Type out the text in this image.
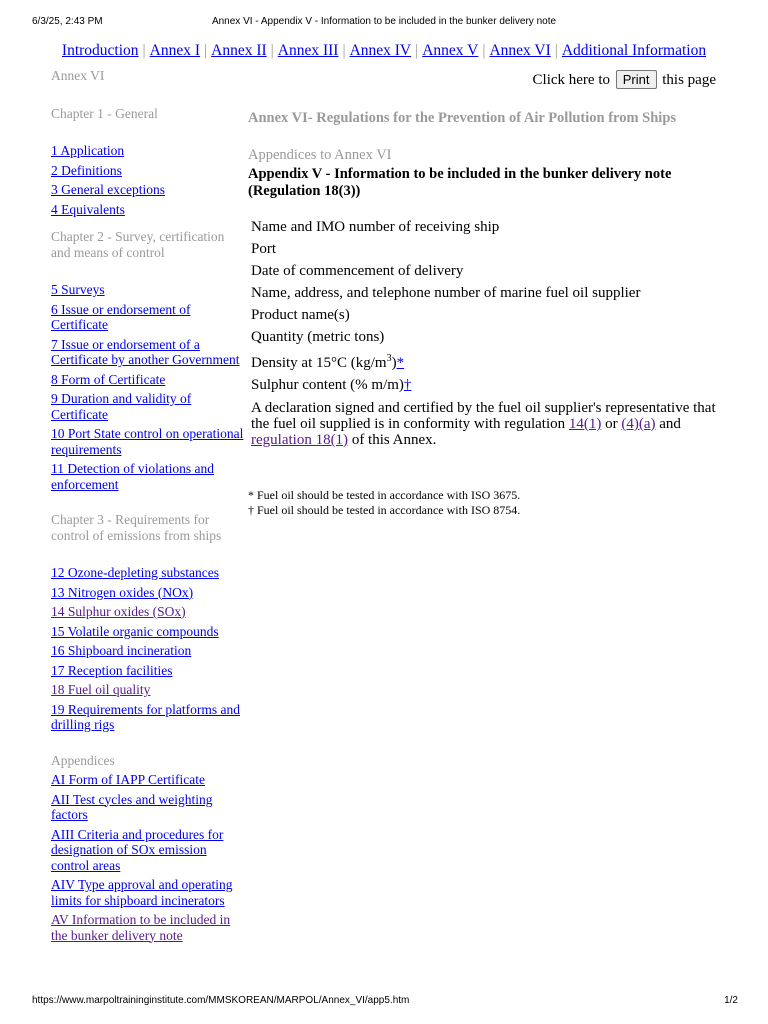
6/3/25, 2:43 PM	Annex VI - Appendix V - Information to be included in the bunker delivery note
Introduction | Annex I | Annex II | Annex III | Annex IV | Annex V | Annex VI | Additional Information
Click here to Print this page
Annex VI
Chapter 1 - General
1 Application
2 Definitions
3 General exceptions
4 Equivalents
Chapter 2 - Survey, certification and means of control
5 Surveys
6 Issue or endorsement of Certificate
7 Issue or endorsement of a Certificate by another Government
8 Form of Certificate
9 Duration and validity of Certificate
10 Port State control on operational requirements
11 Detection of violations and enforcement
Chapter 3 - Requirements for control of emissions from ships
12 Ozone-depleting substances
13 Nitrogen oxides (NOx)
14 Sulphur oxides (SOx)
15 Volatile organic compounds
16 Shipboard incineration
17 Reception facilities
18 Fuel oil quality
19 Requirements for platforms and drilling rigs
Appendices
AI Form of IAPP Certificate
AII Test cycles and weighting factors
AIII Criteria and procedures for designation of SOx emission control areas
AIV Type approval and operating limits for shipboard incinerators
AV Information to be included in the bunker delivery note
Annex VI- Regulations for the Prevention of Air Pollution from Ships
Appendices to Annex VI
Appendix V - Information to be included in the bunker delivery note (Regulation 18(3))
Name and IMO number of receiving ship
Port
Date of commencement of delivery
Name, address, and telephone number of marine fuel oil supplier
Product name(s)
Quantity (metric tons)
Density at 15°C $(kg/m^3)*$
Sulphur content (% m/m)†
A declaration signed and certified by the fuel oil supplier's representative that the fuel oil supplied is in conformity with regulation 14(1) or (4)(a) and regulation 18(1) of this Annex.
* Fuel oil should be tested in accordance with ISO 3675.
† Fuel oil should be tested in accordance with ISO 8754.
https://www.marpoltraininginstitute.com/MMSKOREAN/MARPOL/Annex_VI/app5.htm	1/2
